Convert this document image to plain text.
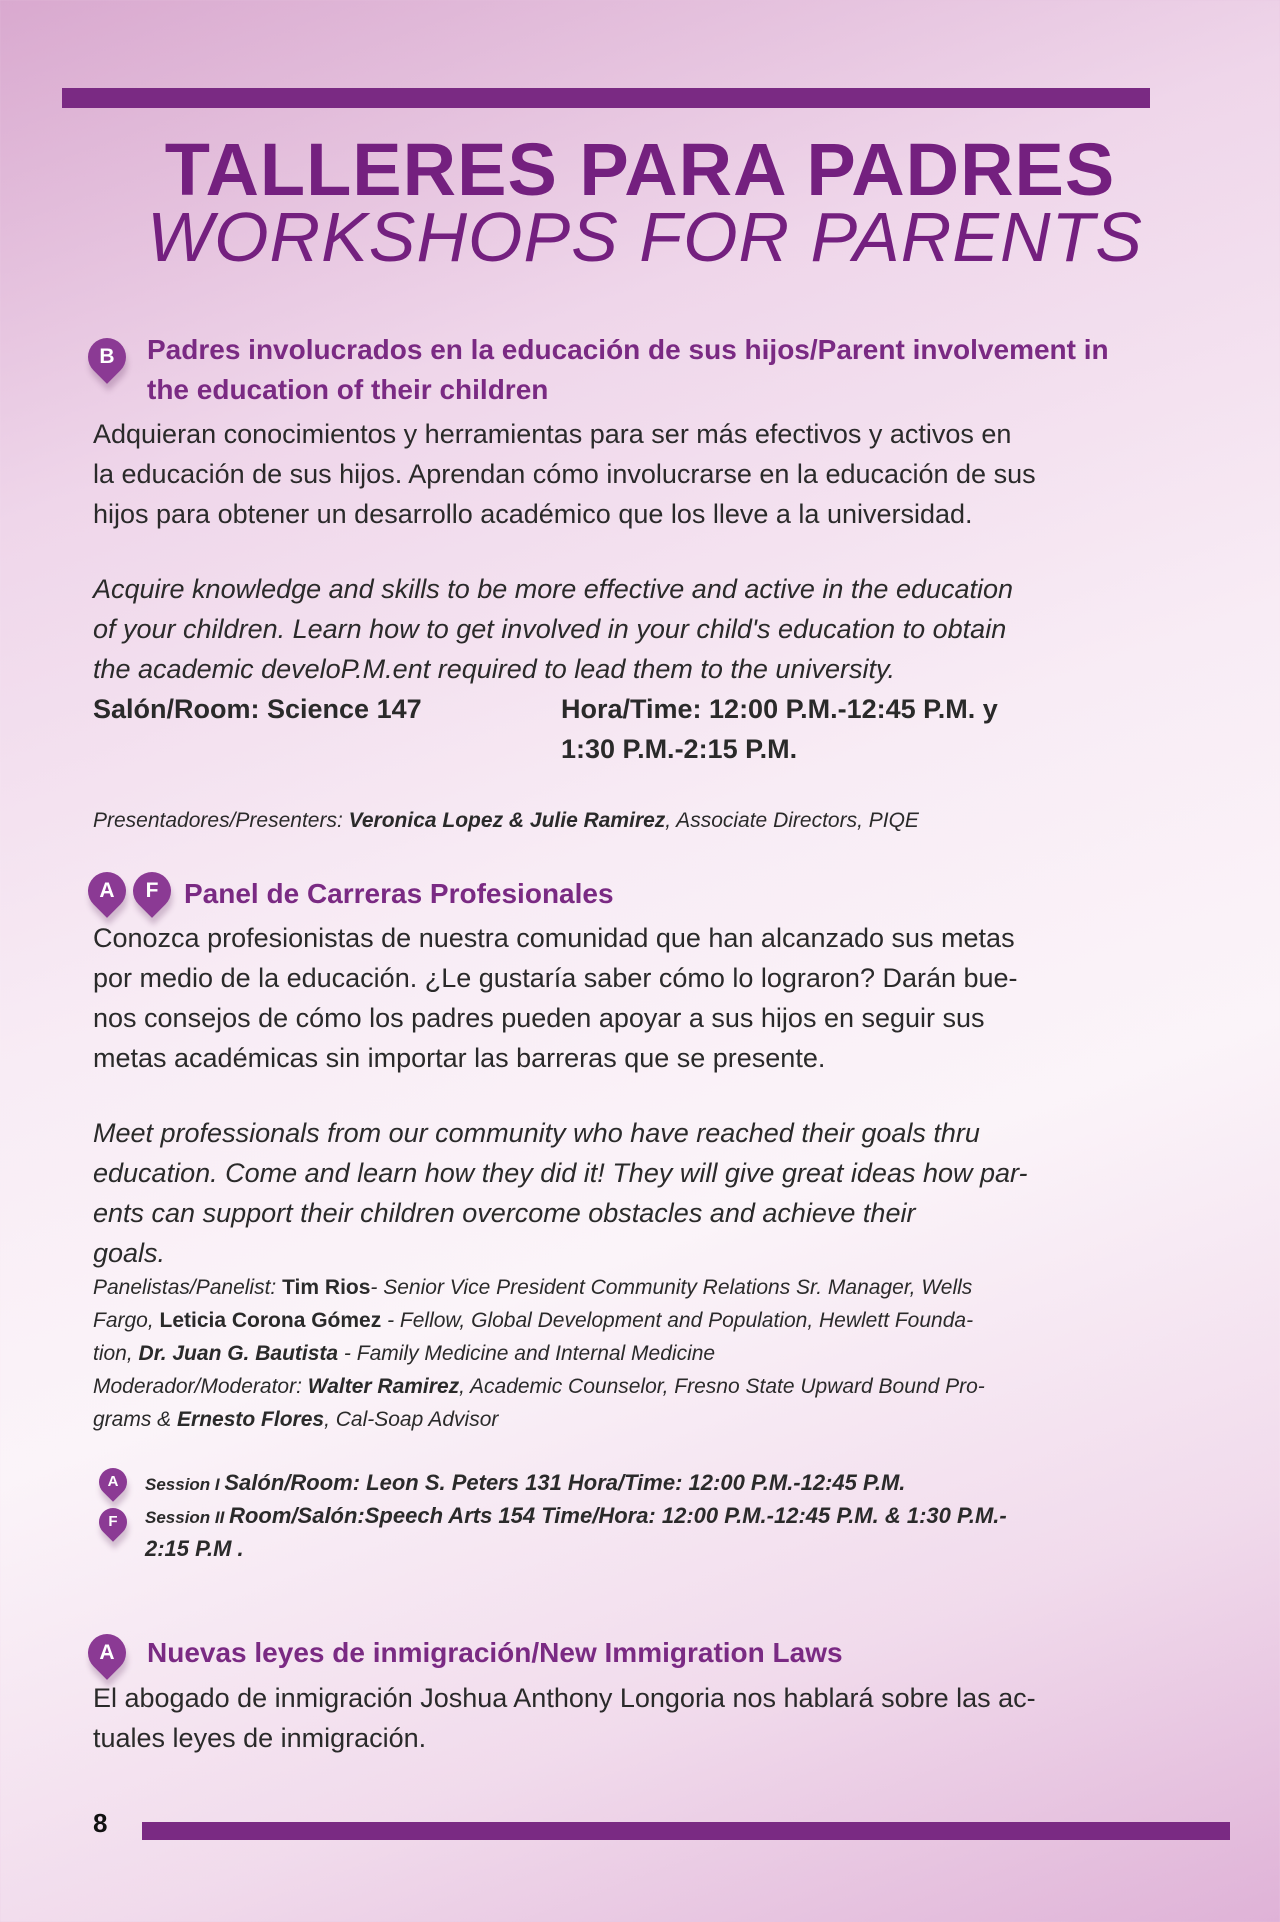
TALLERES PARA PADRES
WORKSHOPS FOR PARENTS
B	Padres involucrados en la educación de sus hijos/Parent involvement in
the education of their children
Adquieran conocimientos y herramientas para ser más efectivos y activos en
la educación de sus hijos. Aprendan cómo involucrarse en la educación de sus
hijos para obtener un desarrollo académico que los lleve a la universidad.
Acquire knowledge and skills to be more effective and active in the education
of your children. Learn how to get involved in your child's education to obtain
the academic develoP.M.ent required to lead them to the university.
Salón/Room: Science 147	Hora/Time: 12:00 P.M.-12:45 P.M. y
1:30 P.M.-2:15 P.M.
Presentadores/Presenters: Veronica Lopez & Julie Ramirez, Associate Directors, PIQE
A	F Panel de Carreras Profesionales
Conozca profesionistas de nuestra comunidad que han alcanzado sus metas
por medio de la educación. ¿Le gustaría saber cómo lo lograron? Darán bue-
nos consejos de cómo los padres pueden apoyar a sus hijos en seguir sus
metas académicas sin importar las barreras que se presente.
Meet professionals from our community who have reached their goals thru
education. Come and learn how they did it! They will give great ideas how par-
ents can support their children overcome obstacles and achieve their
goals.
Panelistas/Panelist: Tim Rios- Senior Vice President Community Relations Sr. Manager, Wells
Fargo, Leticia Corona Gómez - Fellow, Global Development and Population, Hewlett Founda-
tion, Dr. Juan G. Bautista - Family Medicine and Internal Medicine
Moderador/Moderator: Walter Ramirez, Academic Counselor, Fresno State Upward Bound Pro-
grams & Ernesto Flores, Cal-Soap Advisor
A	Session I Salón/Room: Leon S. Peters 131 Hora/Time: 12:00 P.M.-12:45 P.M.
F	Session II Room/Salón:Speech Arts 154 Time/Hora: 12:00 P.M.-12:45 P.M. & 1:30 P.M.-
2:15 P.M .
A	Nuevas leyes de inmigración/New Immigration Laws
El abogado de inmigración Joshua Anthony Longoria nos hablará sobre las ac-
tuales leyes de inmigración.
8
